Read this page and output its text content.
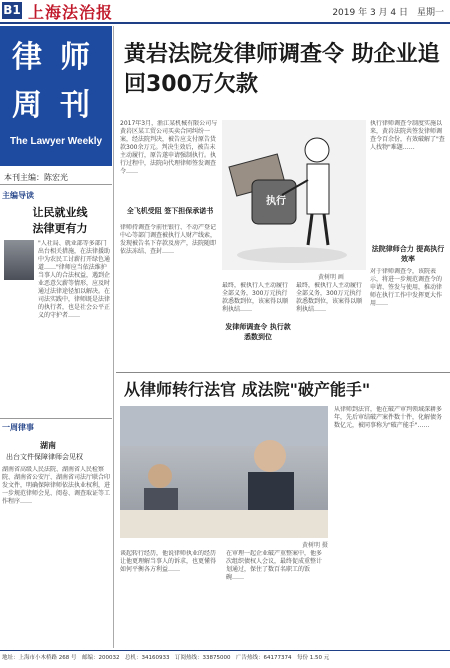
B1 上海法治报	2019 年 3 月 4 日　星期一
律 师
周 刊
The Lawyer Weekly
本刊主编：陈宏光
主编导读
让民就业线
法律更有力
"人社局、就业部等多部门出台相关措施，在法律援助中为农民工讨薪打开绿色通道……"律师应当依法维护当事人的合法权益，遇到企业恶意欠薪等情形，应及时通过法律途径加以解决。在司法实践中，律师既是法律的执行者，也是社会公平正义的守护者……
一周律事
湖南
出台文件保障律师会见权
湖南省高级人民法院、湖南省人民检察院、湖南省公安厅、湖南省司法厅联合印发文件，明确保障律师依法执业权利，进一步规范律师会见、阅卷、调查取证等工作程序……
黄岩法院发律师调查令 助企业追回300万欠款
2017年3月，浙江某机械有限公司与黄岩区某工贸公司买卖合同纠纷一案，经法院判决，被告应支付原告货款300余万元。判决生效后，被告未主动履行，原告遂申请强制执行。执行过程中，法院向代理律师签发调查令……
全飞机受阻 签下担保承诺书
律师持调查令前往银行、不动产登记中心等部门调查被执行人财产线索，发现被告名下存款及房产，法院随即依法冻结、查封……
执行
黄树明 画
最终，被执行人主动履行全部义务，300万元执行款悉数到位，该案得以顺利执结……
发律师调查令 执行款悉数到位
最终，被执行人主动履行全部义务，300万元执行款悉数到位，该案得以顺利执结……
执行律师调查令制度实施以来，黄岩法院共签发律师调查令百余份，有效破解了"查人找物"难题……
法院律师合力 提高执行效率
对于律师调查令，该院表示，将进一步规范调查令的申请、签发与使用，推动律师在执行工作中发挥更大作用……
从律师转行法官 成法院"破产能手"
黄树明 摄
从律师到法官，他在破产审判领域深耕多年，先后审结破产案件数十件，化解债务数亿元，被同事称为"破产能手"……
谈起转行经历，他说律师执业的经历让他更理解当事人的诉求，也更懂得如何平衡各方利益……
在审理一起企业破产重整案中，他多次组织债权人会议，最终促成重整计划通过，保住了数百名职工的饭碗……
地址：上海市小木桥路 268 号　邮编：200032　总机：34160933　订阅热线：33875000　广告热线：64177374　每份 1.50 元
